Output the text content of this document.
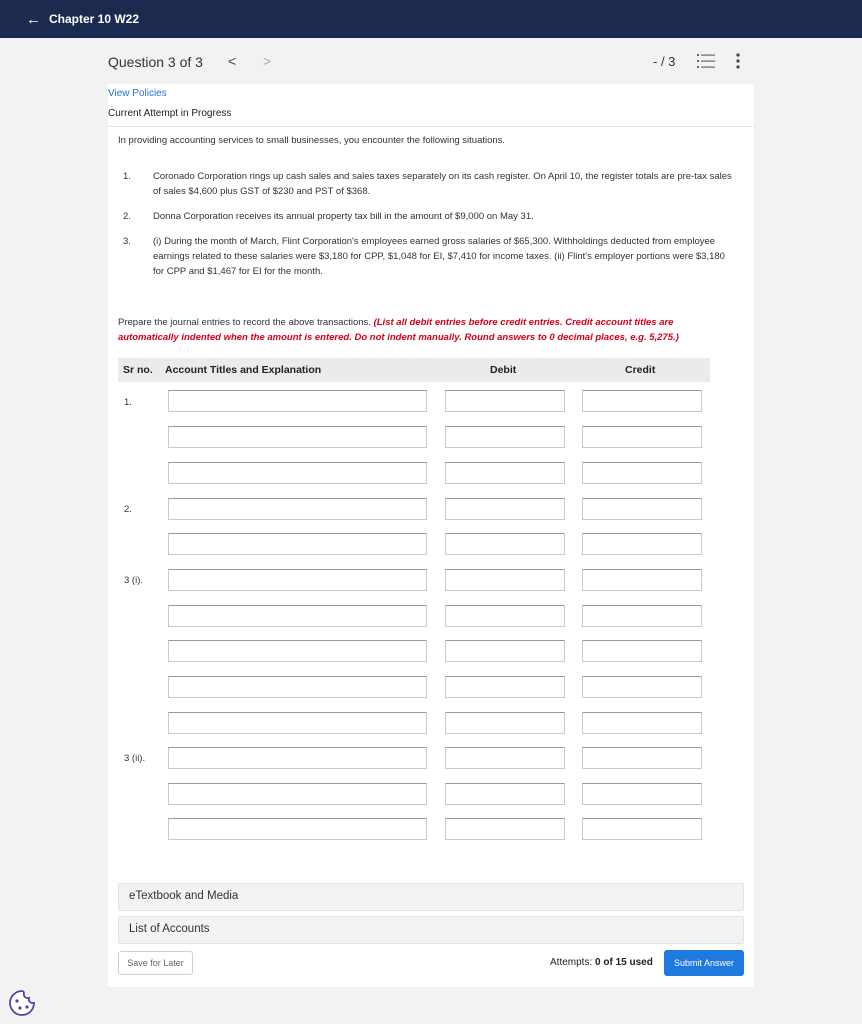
← Chapter 10 W22
Question 3 of 3 < >	- / 3
View Policies
Current Attempt in Progress
In providing accounting services to small businesses, you encounter the following situations.
1. Coronado Corporation rings up cash sales and sales taxes separately on its cash register. On April 10, the register totals are pre-tax sales of sales $4,600 plus GST of $230 and PST of $368.
2. Donna Corporation receives its annual property tax bill in the amount of $9,000 on May 31.
3. (i) During the month of March, Flint Corporation's employees earned gross salaries of $65,300. Withholdings deducted from employee earnings related to these salaries were $3,180 for CPP, $1,048 for EI, $7,410 for income taxes. (ii) Flint's employer portions were $3,180 for CPP and $1,467 for EI for the month.
Prepare the journal entries to record the above transactions. (List all debit entries before credit entries. Credit account titles are automatically indented when the amount is entered. Do not indent manually. Round answers to 0 decimal places, e.g. 5,275.)
Sr no. Account Titles and Explanation	Debit	Credit
1.
2.
3 (i).
3 (ii).
eTextbook and Media
List of Accounts
Save for Later	Attempts: 0 of 15 used	Submit Answer
